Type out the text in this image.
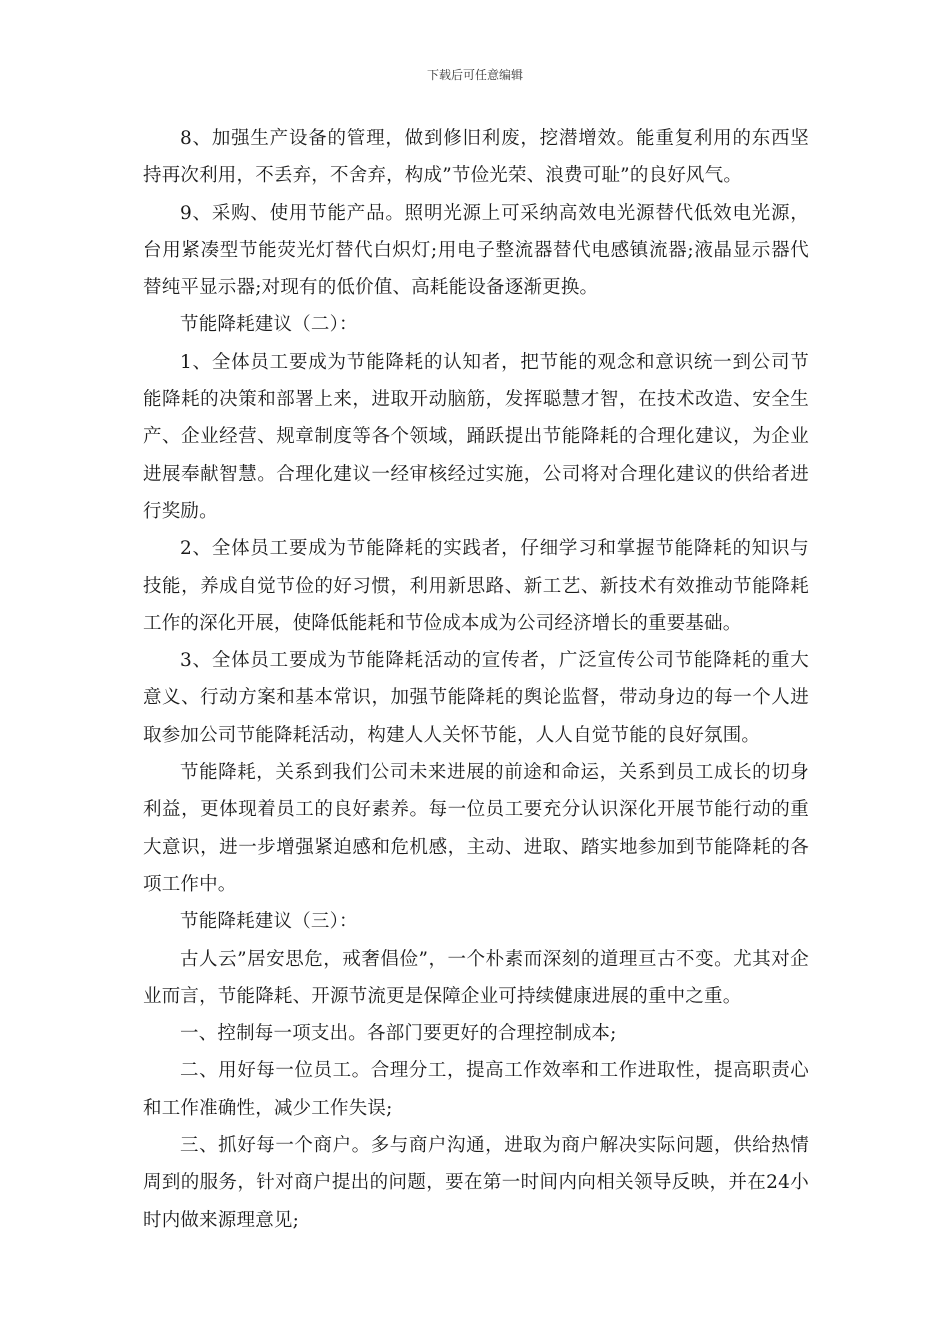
下载后可任意编辑

8、加强生产设备的管理，做到修旧利废，挖潜增效。能重复利用的东西坚持再次利用，不丢弃，不舍弃，构成”节俭光荣、浪费可耻”的良好风气。

9、采购、使用节能产品。照明光源上可采纳高效电光源替代低效电光源，台用紧凑型节能荧光灯替代白炽灯;用电子整流器替代电感镇流器;液晶显示器代替纯平显示器;对现有的低价值、高耗能设备逐渐更换。

节能降耗建议（二）：

1、全体员工要成为节能降耗的认知者，把节能的观念和意识统一到公司节能降耗的决策和部署上来，进取开动脑筋，发挥聪慧才智，在技术改造、安全生产、企业经营、规章制度等各个领域，踊跃提出节能降耗的合理化建议，为企业进展奉献智慧。合理化建议一经审核经过实施，公司将对合理化建议的供给者进行奖励。

2、全体员工要成为节能降耗的实践者，仔细学习和掌握节能降耗的知识与技能，养成自觉节俭的好习惯，利用新思路、新工艺、新技术有效推动节能降耗工作的深化开展，使降低能耗和节俭成本成为公司经济增长的重要基础。

3、全体员工要成为节能降耗活动的宣传者，广泛宣传公司节能降耗的重大意义、行动方案和基本常识，加强节能降耗的舆论监督，带动身边的每一个人进取参加公司节能降耗活动，构建人人关怀节能，人人自觉节能的良好氛围。

节能降耗，关系到我们公司未来进展的前途和命运，关系到员工成长的切身利益，更体现着员工的良好素养。每一位员工要充分认识深化开展节能行动的重大意识，进一步增强紧迫感和危机感，主动、进取、踏实地参加到节能降耗的各项工作中。

节能降耗建议（三）：

古人云”居安思危，戒奢倡俭”，一个朴素而深刻的道理亘古不变。尤其对企业而言，节能降耗、开源节流更是保障企业可持续健康进展的重中之重。

一、控制每一项支出。各部门要更好的合理控制成本;

二、用好每一位员工。合理分工，提高工作效率和工作进取性，提高职责心和工作准确性，减少工作失误;

三、抓好每一个商户。多与商户沟通，进取为商户解决实际问题，供给热情周到的服务，针对商户提出的问题，要在第一时间内向相关领导反映，并在24小时内做来源理意见;
